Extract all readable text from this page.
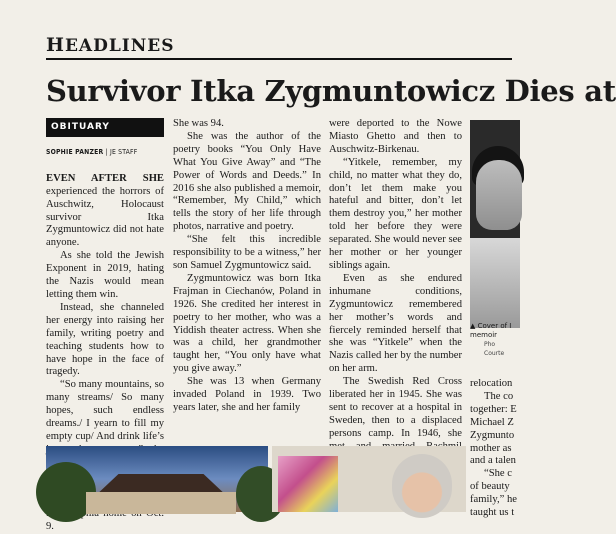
HEADLINES
Survivor Itka Zygmuntowicz Dies at
OBITUARY
SOPHIE PANZER | JE STAFF

EVEN AFTER SHE experienced the horrors of Auschwitz, Holocaust survivor Itka Zygmuntowicz did not hate anyone.

As she told the Jewish Exponent in 2019, hating the Nazis would mean letting them win.

Instead, she channeled her energy into raising her family, writing poetry and teaching students how to have hope in the face of tragedy.

“So many mountains, so many streams/ So many hopes, such endless dreams./ I yearn to fill my empty cup/ And drink life’s

9.

She was 94.

She was the author of the poetry books “You Only Have What You Give Away” and “The Power of Words and Deeds.” In 2016 she also published a memoir, “Remember, My Child,” which tells the story of her life through photos, narrative and poetry.

“She felt this incredible responsibility to be a witness,” her son Samuel Zygmuntowicz said.

Zygmuntowicz was born Itka Frajman in Ciechanów, Poland in 1926. She credited her interest in poetry to her mother, who was a Yiddish theater actress. When she was a child, her grandmother taught her, “You only have what you give away.”

She was 13 when Germany invaded Poland in 1939. Two years later, she and her family

were deported to the Nowe Miasto Ghetto and then to Auschwitz-Birkenau.

“Yitkele, remember, my child, no matter what they do, don’t let them make you hateful and bitter, don’t let them destroy you,” her mother told her before they were separated. She would never see her mother or her younger siblings again.

Even as she endured inhumane conditions, Zygmuntowicz remembered her mother’s words and fiercely reminded herself that she was “Yitkele” when the Nazis called her by the number on her arm.

The Swedish Red Cross liberated her in 1945. She was sent to recover at a hospital in Sweden, then to a displaced persons camp. In 1946, she

▲ Cover of I memoir
Pho
Courte

relocation

The co

together: E

Michael Z

Zygmunto

mother as

and a talen

“She c

of beauty

family,” he

taught us t
